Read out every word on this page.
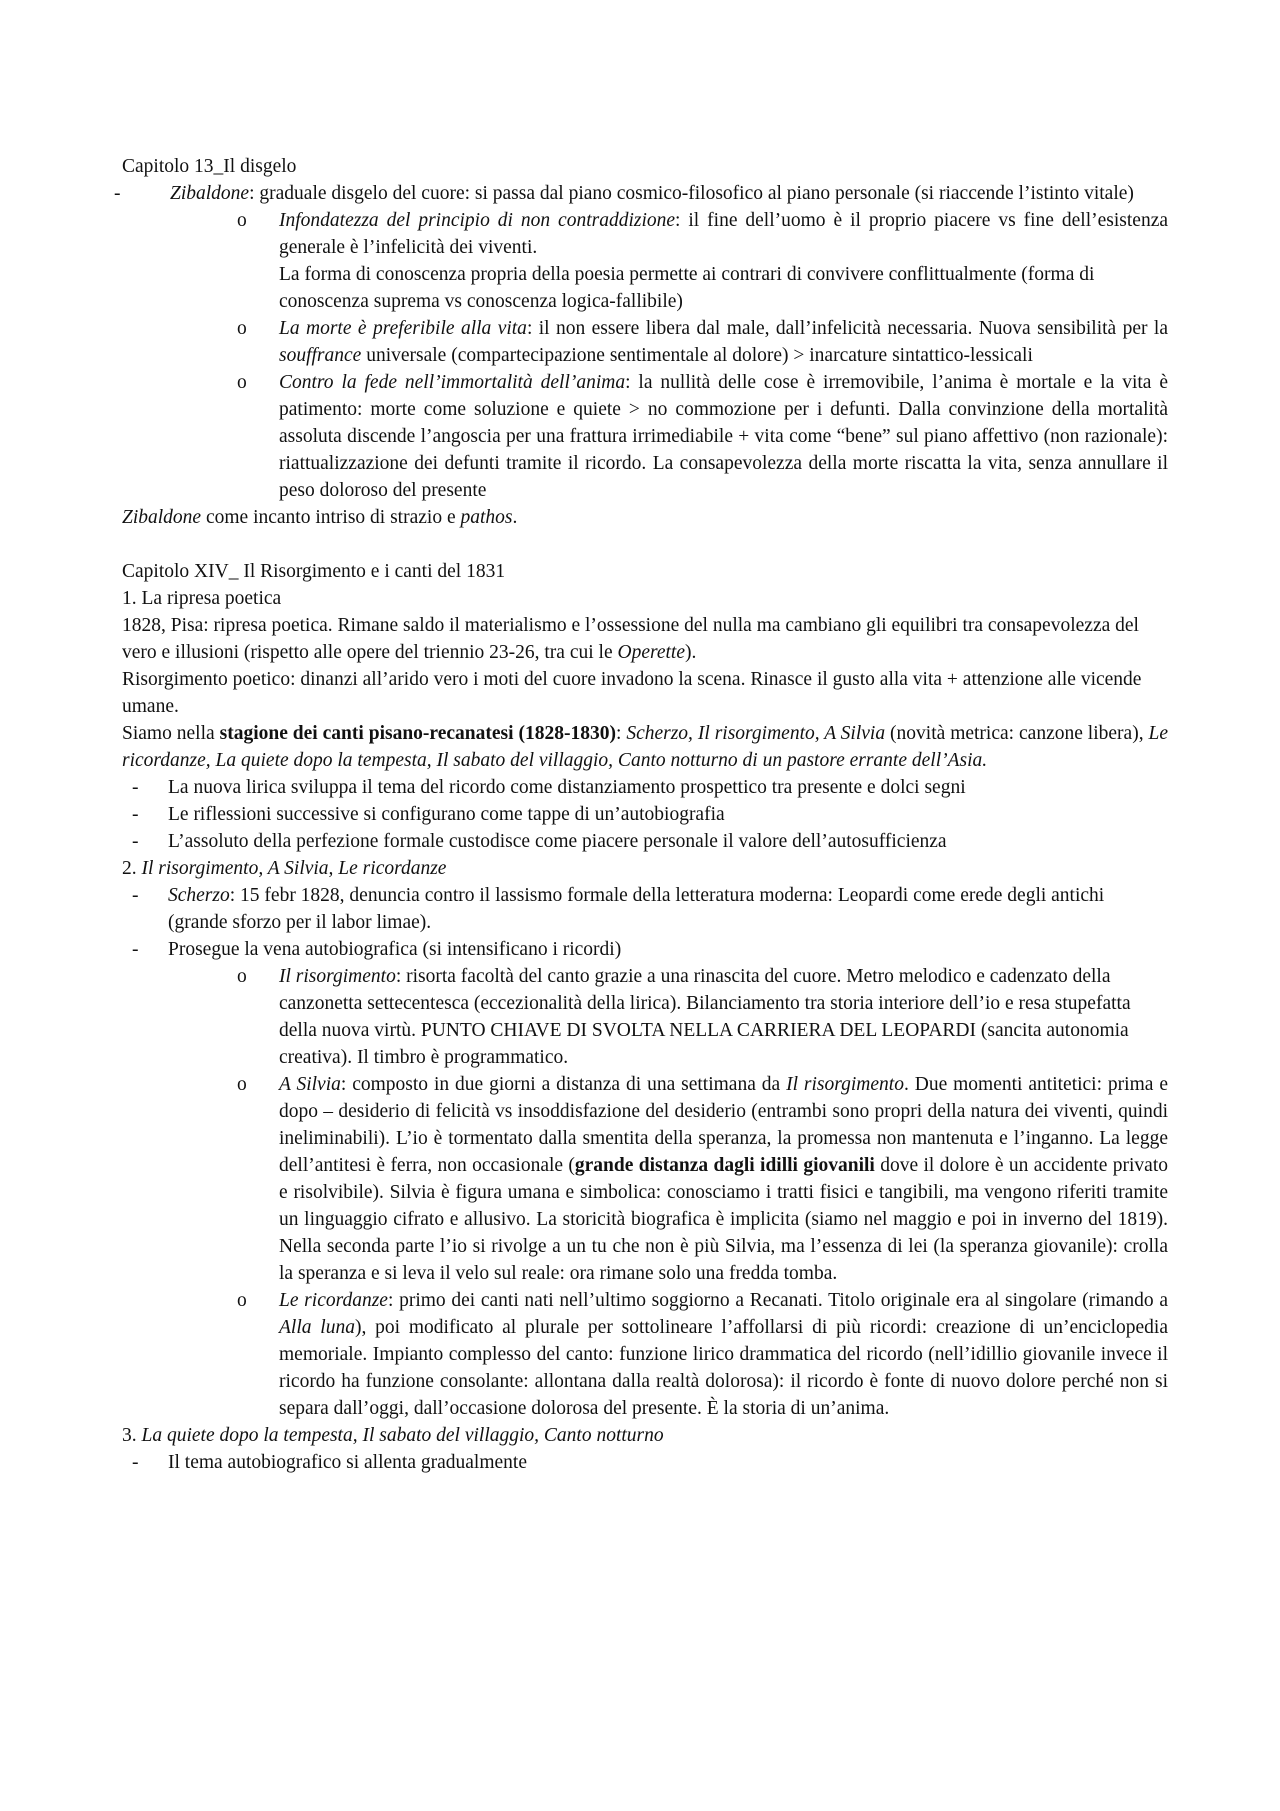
Capitolo 13_Il disgelo

-	Zibaldone: graduale disgelo del cuore: si passa dal piano cosmico-filosofico al piano personale (si riaccende l’istinto vitale)
o Infondatezza del principio di non contraddizione: il fine dell’uomo è il proprio piacere vs fine dell’esistenza generale è l’infelicità dei viventi.
La forma di conoscenza propria della poesia permette ai contrari di convivere conflittualmente (forma di conoscenza suprema vs conoscenza logica-fallibile)
o La morte è preferibile alla vita: il non essere libera dal male, dall’infelicità necessaria. Nuova sensibilità per la souffrance universale (compartecipazione sentimentale al dolore) > inarcature sintattico-lessicali
o Contro la fede nell’immortalità dell’anima: la nullità delle cose è irremovibile, l’anima è mortale e la vita è patimento: morte come soluzione e quiete > no commozione per i defunti. Dalla convinzione della mortalità assoluta discende l’angoscia per una frattura irrimediabile + vita come “bene” sul piano affettivo (non razionale): riattualizzazione dei defunti tramite il ricordo. La consapevolezza della morte riscatta la vita, senza annullare il peso doloroso del presente

Zibaldone come incanto intriso di strazio e pathos.

Capitolo XIV_ Il Risorgimento e i canti del 1831

1. La ripresa poetica

1828, Pisa: ripresa poetica. Rimane saldo il materialismo e l’ossessione del nulla ma cambiano gli equilibri tra consapevolezza del vero e illusioni (rispetto alle opere del triennio 23-26, tra cui le Operette).

Risorgimento poetico: dinanzi all’arido vero i moti del cuore invadono la scena. Rinasce il gusto alla vita + attenzione alle vicende umane.

Siamo nella stagione dei canti pisano-recanatesi (1828-1830): Scherzo, Il risorgimento, A Silvia (novità metrica: canzone libera), Le ricordanze, La quiete dopo la tempesta, Il sabato del villaggio, Canto notturno di un pastore errante dell’Asia.

- La nuova lirica sviluppa il tema del ricordo come distanziamento prospettico tra presente e dolci segni
- Le riflessioni successive si configurano come tappe di un’autobiografia
- L’assoluto della perfezione formale custodisce come piacere personale il valore dell’autosufficienza

2. Il risorgimento, A Silvia, Le ricordanze

- Scherzo: 15 febr 1828, denuncia contro il lassismo formale della letteratura moderna: Leopardi come erede degli antichi (grande sforzo per il labor limae).
- Prosegue la vena autobiografica (si intensificano i ricordi)
o Il risorgimento: risorta facoltà del canto grazie a una rinascita del cuore. Metro melodico e cadenzato della canzonetta settecentesca (eccezionalità della lirica). Bilanciamento tra storia interiore dell’io e resa stupefatta della nuova virtù. PUNTO CHIAVE DI SVOLTA NELLA CARRIERA DEL LEOPARDI (sancita autonomia creativa). Il timbro è programmatico.
o A Silvia: composto in due giorni a distanza di una settimana da Il risorgimento. Due momenti antitetici: prima e dopo – desiderio di felicità vs insoddisfazione del desiderio (entrambi sono propri della natura dei viventi, quindi ineliminabili). L’io è tormentato dalla smentita della speranza, la promessa non mantenuta e l’inganno. La legge dell’antitesi è ferra, non occasionale (grande distanza dagli idilli giovanili dove il dolore è un accidente privato e risolvibile). Silvia è figura umana e simbolica: conosciamo i tratti fisici e tangibili, ma vengono riferiti tramite un linguaggio cifrato e allusivo. La storicità biografica è implicita (siamo nel maggio e poi in inverno del 1819). Nella seconda parte l’io si rivolge a un tu che non è più Silvia, ma l’essenza di lei (la speranza giovanile): crolla la speranza e si leva il velo sul reale: ora rimane solo una fredda tomba.
o Le ricordanze: primo dei canti nati nell’ultimo soggiorno a Recanati. Titolo originale era al singolare (rimando a Alla luna), poi modificato al plurale per sottolineare l’affollarsi di più ricordi: creazione di un’enciclopedia memoriale. Impianto complesso del canto: funzione lirico drammatica del ricordo (nell’idillio giovanile invece il ricordo ha funzione consolante: allontana dalla realtà dolorosa): il ricordo è fonte di nuovo dolore perché non si separa dall’oggi, dall’occasione dolorosa del presente. È la storia di un’anima.

3. La quiete dopo la tempesta, Il sabato del villaggio, Canto notturno

- Il tema autobiografico si allenta gradualmente
